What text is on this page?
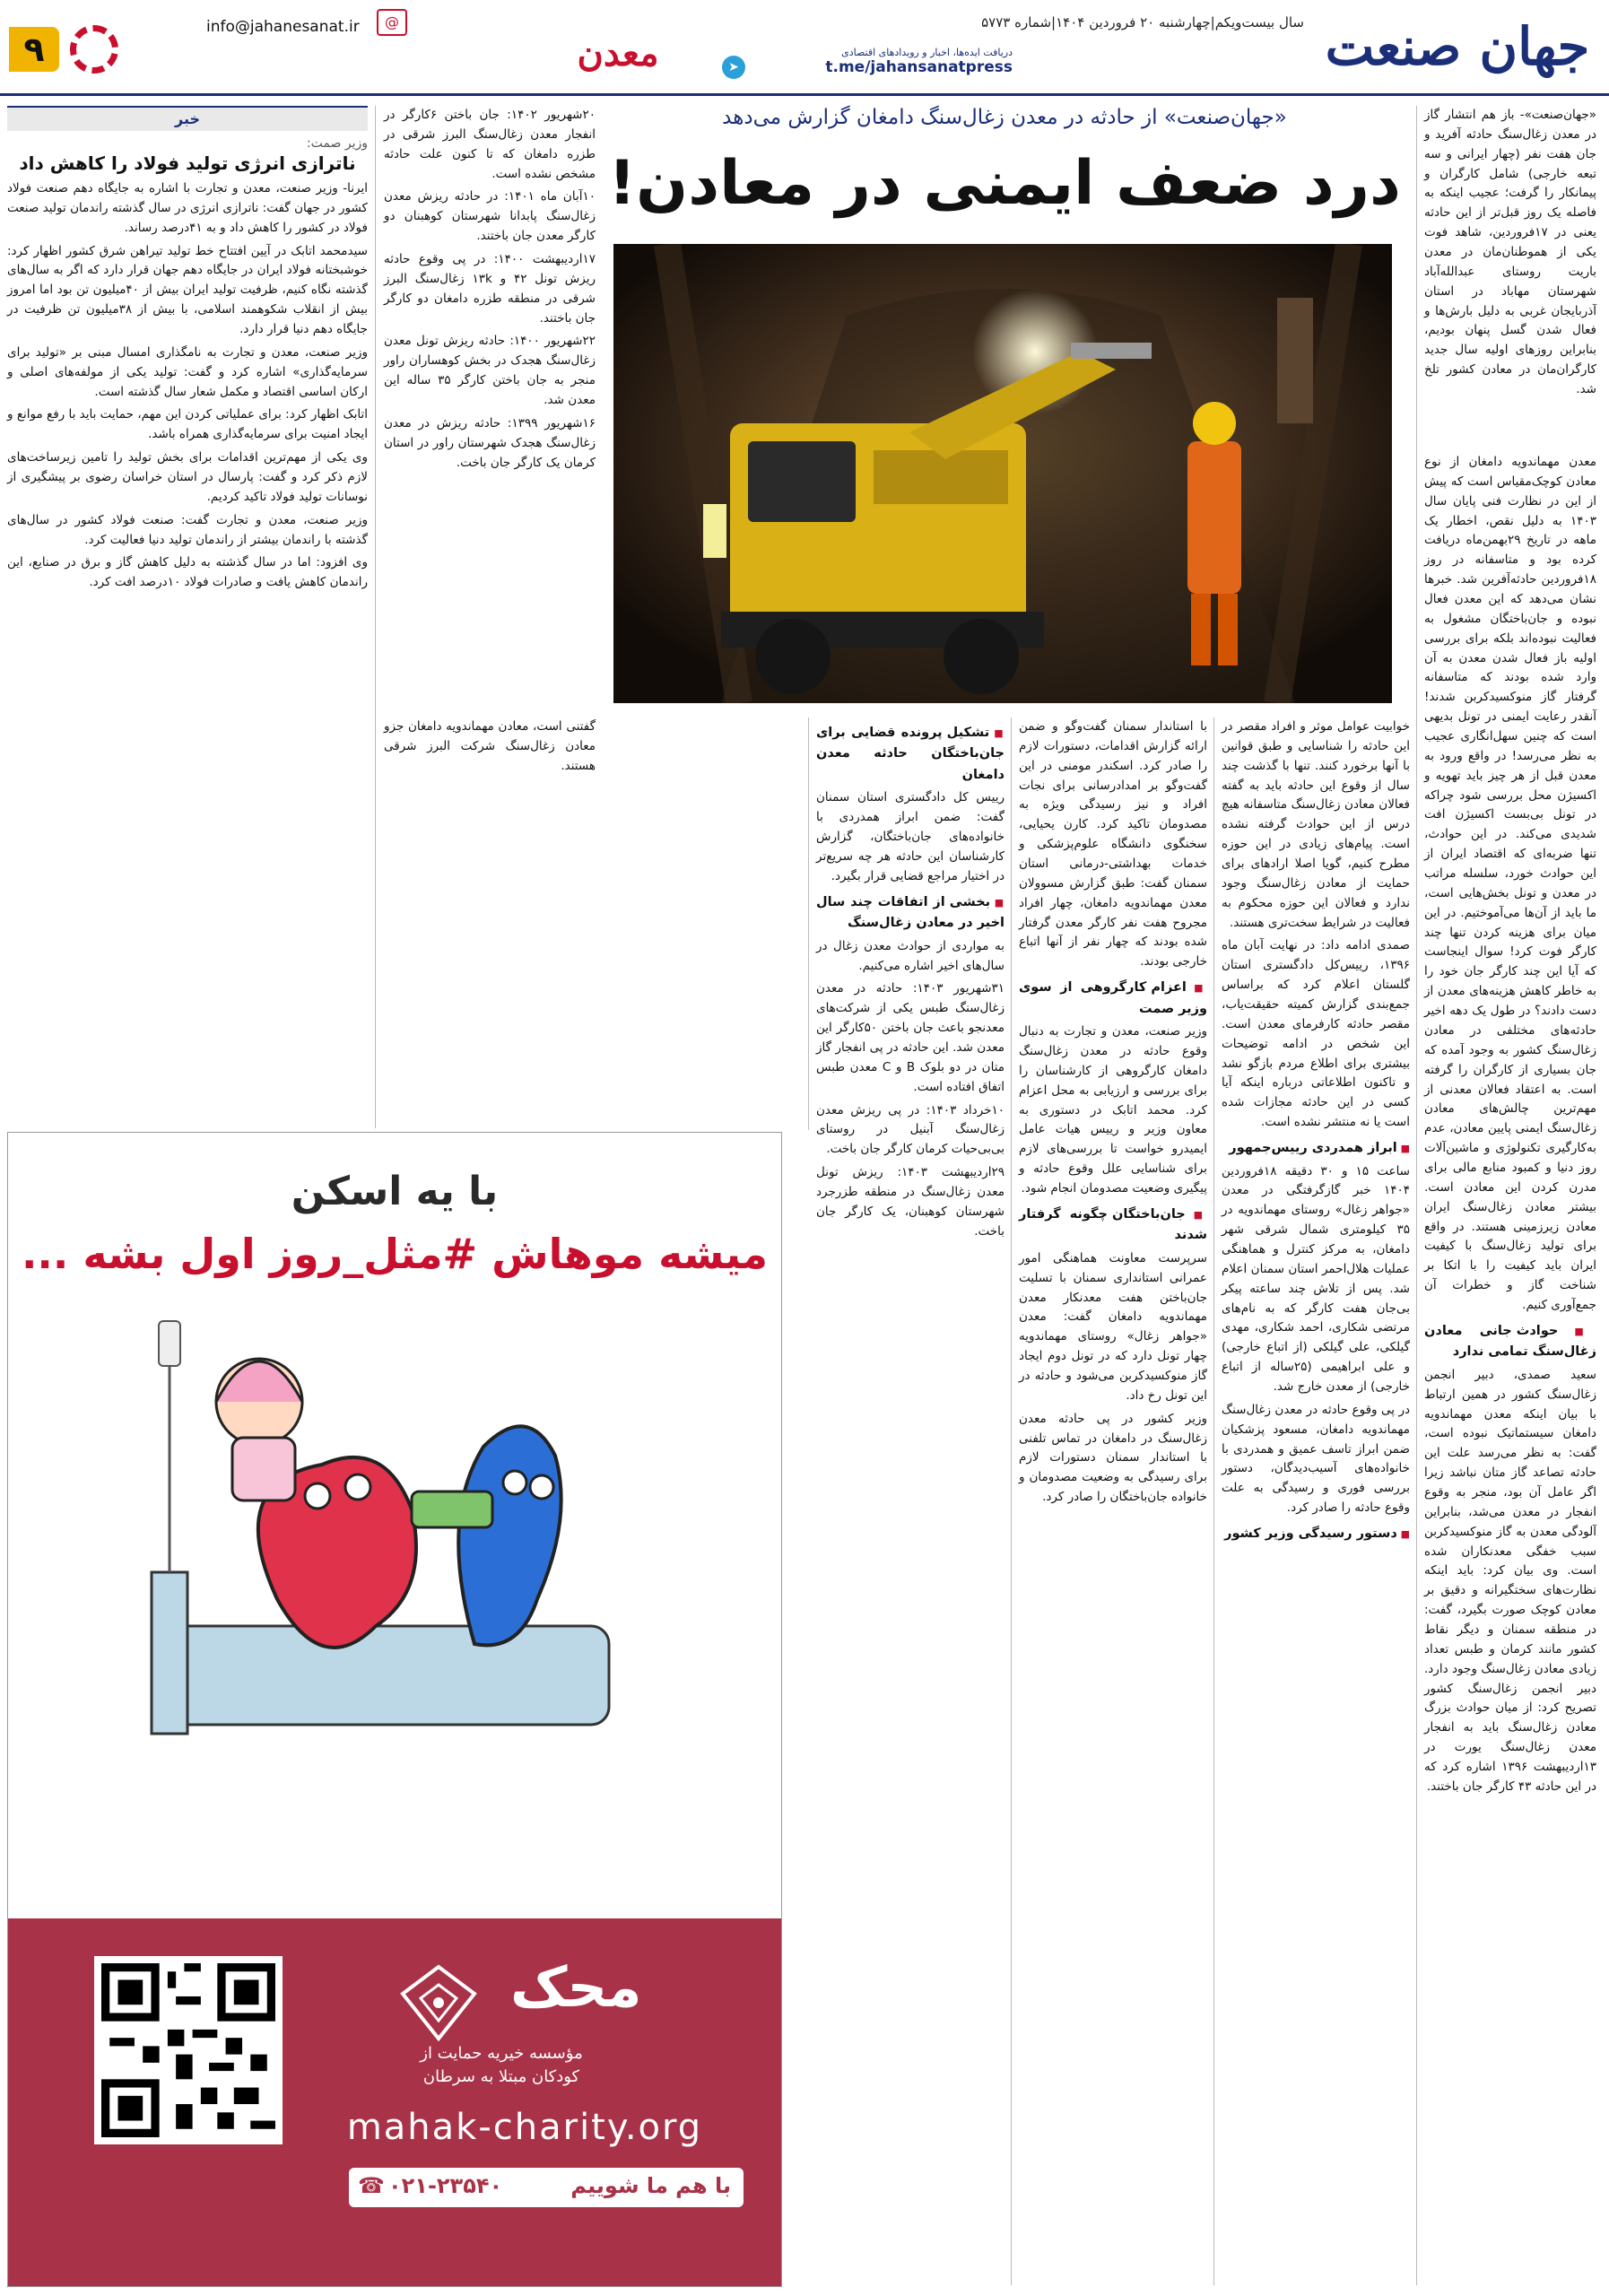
جهان صنعت
سال بیست‌ویکم|چهارشنبه ۲۰ فروردین ۱۴۰۴|شماره ۵۷۷۳
دریافت ایده‌ها، اخبار و رویدادهای اقتصادی
t.me/jahansanatpress
➤
معدن
info@jahanesanat.ir	@
۹
«جهان‌صنعت» از حادثه در معدن زغال‌سنگ دامغان گزارش می‌دهد
درد ضعف ایمنی در معادن!

«جهان‌صنعت»- باز هم انتشار گاز در معدن زغال‌سنگ حادثه آفرید و جان هفت نفر (چهار ایرانی و سه تبعه خارجی) شامل کارگران و پیمانکار را گرفت؛ عجیب اینکه به فاصله یک روز قبل‌تر از این حادثه یعنی در ۱۷فروردین، شاهد فوت یکی از هموطنان‌مان در معدن باریت روستای عبدالله‌آباد شهرستان مهاباد در استان آذربایجان غربی به دلیل بارش‌ها و فعال شدن گسل پنهان بودیم، بنابراین روزهای اولیه سال جدید کارگران‌مان در معادن کشور تلخ شد.

معدن مهماندویه دامغان از نوع معادن کوچک‌مقیاس است که پیش از این در نظارت فنی پایان سال ۱۴۰۳ به دلیل نقص، اخطار یک ماهه در تاریخ ۲۹بهمن‌ماه دریافت کرده بود و متاسفانه در روز ۱۸فروردین حادثه‌آفرین شد. خبرها نشان می‌دهد که این معدن فعال نبوده و جان‌باختگان مشغول به فعالیت نبوده‌اند بلکه برای بررسی اولیه باز فعال شدن معدن به آن وارد شده بودند که متاسفانه گرفتار گاز منوکسیدکربن شدند! آنقدر رعایت ایمنی در تونل بدیهی است که چنین سهل‌انگاری عجیب به نظر می‌رسد! در واقع ورود به معدن قبل از هر چیز باید تهویه و اکسیژن محل بررسی شود چراکه در تونل بی‌بست اکسیژن افت شدیدی می‌کند. در این حوادث، تنها ضربه‌ای که اقتصاد ایران از این حوادث خورد، سلسله مراتب در معدن و تونل بخش‌هایی است، ما باید از آن‌ها می‌آموختیم. در این میان برای هزینه کردن تنها چند کارگر فوت کرد! سوال اینجاست که آیا این چند کارگر جان خود را به خاطر کاهش هزینه‌های معدن از دست دادند؟ در طول یک دهه اخیر حادثه‌های مختلفی در معادن زغال‌سنگ کشور به وجود آمده که جان بسیاری از کارگران را گرفته است. به اعتقاد فعالان معدنی از مهم‌ترین چالش‌های معادن زغال‌سنگ ایمنی پایین معادن، عدم به‌کارگیری تکنولوژی و ماشین‌آلات روز دنیا و کمبود منابع مالی برای مدرن کردن این معادن است. بیشتر معادن زغال‌سنگ ایران معادن زیرزمینی هستند. در واقع برای تولید زغال‌سنگ با کیفیت ایران باید کیفیت را با اتکا بر شناخت گاز و خطرات آن جمع‌آوری کنیم.

■ حوادث جانی معادن زغال‌سنگ تمامی ندارد

سعید صمدی، دبیر انجمن زغال‌سنگ کشور در همین ارتباط با بیان اینکه معدن مهماندویه دامغان سیستماتیک نبوده است، گفت: به نظر می‌رسد علت این حادثه تصاعد گاز متان نباشد زیرا اگر عامل آن بود، منجر به وقوع انفجار در معدن می‌شد، بنابراین آلودگی معدن به گاز منوکسیدکربن سبب خفگی معدنکاران شده است. وی بیان کرد: باید اینکه نظارت‌های سختگیرانه و دقیق بر معادن کوچک صورت بگیرد، گفت: در منطقه سمنان و دیگر نقاط کشور مانند کرمان و طبس تعداد زیادی معادن زغال‌سنگ وجود دارد. دبیر انجمن زغال‌سنگ کشور تصریح کرد: از میان حوادث بزرگ معادن زغال‌سنگ باید به انفجار معدن زغال‌سنگ یورت در ۱۳اردیبهشت ۱۳۹۶ اشاره کرد که در این حادثه ۴۳ کارگر جان باختند.

خوابیت عوامل موثر و افراد مقصر در این حادثه را شناسایی و طبق قوانین با آنها برخورد کنند. تنها با گذشت چند سال از وقوع این حادثه باید به گفته فعالان معادن زغال‌سنگ متاسفانه هیچ درس از این حوادث گرفته نشده است. پیام‌های زیادی در این حوزه مطرح کنیم، گویا اصلا ارادهای برای حمایت از معادن زغال‌سنگ وجود ندارد و فعالان این حوزه محکوم به فعالیت در شرایط سخت‌تری هستند.

صمدی ادامه داد: در نهایت آبان ماه ۱۳۹۶، رییس‌کل دادگستری استان گلستان اعلام کرد که براساس جمع‌بندی گزارش کمیته حقیقت‌یاب، مقصر حادثه کارفرمای معدن است. این شخص در ادامه توضیحات بیشتری برای اطلاع مردم بازگو نشد و تاکنون اطلاعاتی درباره اینکه آیا کسی در این حادثه مجازات شده است یا نه منتشر نشده است.

■ ابراز همدردی رییس‌جمهور

ساعت ۱۵ و ۳۰ دقیقه ۱۸فروردین ۱۴۰۴ خبر گازگرفتگی در معدن «جواهر زغال» روستای مهماندویه در ۳۵ کیلومتری شمال شرقی شهر دامغان، به مرکز کنترل و هماهنگی عملیات هلال‌احمر استان سمنان اعلام شد. پس از تلاش چند ساعته پیکر بی‌جان هفت کارگر که به نام‌های مرتضی شکاری، احمد شکاری، مهدی گیلکی، علی گیلکی (از اتباع خارجی) و علی ابراهیمی (۲۵ساله از اتباع خارجی) از معدن خارج شد.

در پی وقوع حادثه در معدن زغال‌سنگ مهماندویه دامغان، مسعود پزشکیان ضمن ابراز تاسف عمیق و همدردی با خانواده‌های آسیب‌دیدگان، دستور بررسی فوری و رسیدگی به علت وقوع حادثه را صادر کرد.

■ دستور رسیدگی وزیر کشور

با استاندار سمنان گفت‌وگو و ضمن ارائه گزارش اقدامات، دستورات لازم را صادر کرد. اسکندر مومنی در این گفت‌وگو بر امدادرسانی برای نجات افراد و نیز رسیدگی ویژه به مصدومان تاکید کرد. کارن یحیایی، سخنگوی دانشگاه علوم‌پزشکی و خدمات بهداشتی-درمانی استان سمنان گفت: طبق گزارش مسوولان معدن مهماندویه دامغان، چهار افراد مجروح هفت نفر کارگر معدن گرفتار شده بودند که چهار نفر از آنها اتباع خارجی بودند.

■ اعزام کارگروهی از سوی وزیر صمت

وزیر صنعت، معدن و تجارت به دنبال وقوع حادثه در معدن زغال‌سنگ دامغان کارگروهی از کارشناسان را برای بررسی و ارزیابی به محل اعزام کرد. محمد اتابک در دستوری به معاون وزیر و رییس هیات عامل ایمیدرو خواست تا بررسی‌های لازم برای شناسایی علل وقوع حادثه و پیگیری وضعیت مصدومان انجام شود.

■ جان‌باختگان چگونه گرفتار شدند

سرپرست معاونت هماهنگی امور عمرانی استانداری سمنان با تسلیت جان‌باختن هفت معدنکار معدن مهماندویه دامغان گفت: معدن «جواهر زغال» روستای مهماندویه چهار تونل دارد که در تونل دوم ایجاد گاز منوکسیدکربن می‌شود و حادثه در این تونل رخ داد.

وزیر کشور در پی حادثه معدن زغال‌سنگ در دامغان در تماس تلفنی با استاندار سمنان دستورات لازم برای رسیدگی به وضعیت مصدومان و خانواده جان‌باختگان را صادر کرد.

■ تشکیل پرونده قضایی برای جان‌باختگان حادثه معدن دامغان

رییس کل دادگستری استان سمنان گفت: ضمن ابراز همدردی با خانواده‌های جان‌باختگان، گزارش کارشناسان این حادثه هر چه سریع‌تر در اختیار مراجع قضایی قرار بگیرد.

■ بخشی از اتفاقات چند سال اخیر در معادن زغال‌سنگ

به مواردی از حوادث معدن زغال در سال‌های اخیر اشاره می‌کنیم.

۳۱شهریور ۱۴۰۳: حادثه در معدن زغال‌سنگ طبس یکی از شرکت‌های معدنجو باعث جان باختن ۵۰کارگر این معدن شد. این حادثه در پی انفجار گاز متان در دو بلوک B و C معدن طبس اتفاق افتاده است.

۱۰خرداد ۱۴۰۳: در پی ریزش معدن زغال‌سنگ آبنیل در روستای بی‌بی‌حیات کرمان کارگر جان باخت.

۲۹اردیبهشت ۱۴۰۳: ریزش تونل معدن زغال‌سنگ در منطقه طزرجرد شهرستان کوهبنان، یک کارگر جان باخت.

۲۰شهریور ۱۴۰۲: جان باختن ۶کارگر در انفجار معدن زغال‌سنگ البرز شرقی در طزره دامغان که تا کنون علت حادثه مشخص نشده است.

۱۰آبان ماه ۱۴۰۱: در حادثه ریزش معدن زغال‌سنگ پابدانا شهرستان کوهبنان دو کارگر معدن جان باختند.

۱۷اردیبهشت ۱۴۰۰: در پی وقوع حادثه ریزش تونل ۴۲ و ۱۳k زغال‌سنگ البرز شرقی در منطقه طزره دامغان دو کارگر جان باختند.

۲۲شهریور ۱۴۰۰: حادثه ریزش تونل معدن زغال‌سنگ هجدک در بخش کوهساران راور منجر به جان باختن کارگر ۳۵ ساله این معدن شد.

۱۶شهریور ۱۳۹۹: حادثه ریزش در معدن زغال‌سنگ هجدک شهرستان راور در استان کرمان یک کارگر جان باخت.

گفتنی است، معادن مهماندویه دامغان جزو معادن زغال‌سنگ شرکت البرز شرقی هستند.

خبر
وزیر صمت:
ناترازی انرژی تولید فولاد را کاهش داد

ایرنا- وزیر صنعت، معدن و تجارت با اشاره به جایگاه دهم صنعت فولاد کشور در جهان گفت: ناترازی انرژی در سال گذشته راندمان تولید صنعت فولاد در کشور را کاهش داد و به ۴۱درصد رساند.

سیدمحمد اتابک در آیین افتتاح خط تولید تیراهن شرق کشور اظهار کرد: خوشبختانه فولاد ایران در جایگاه دهم جهان قرار دارد که اگر به سال‌های گذشته نگاه کنیم، ظرفیت تولید ایران بیش از ۴۰میلیون تن بود اما امروز بیش از انقلاب شکوهمند اسلامی، با بیش از ۳۸میلیون تن ظرفیت در جایگاه دهم دنیا قرار دارد.

وزیر صنعت، معدن و تجارت به نامگذاری امسال مبنی بر «تولید برای سرمایه‌گذاری» اشاره کرد و گفت: تولید یکی از مولفه‌های اصلی و ارکان اساسی اقتصاد و مکمل شعار سال گذشته است.

اتابک اظهار کرد: برای عملیاتی کردن این مهم، حمایت باید با رفع موانع و ایجاد امنیت برای سرمایه‌گذاری همراه باشد.

وی یکی از مهم‌ترین اقدامات برای بخش تولید را تامین زیرساخت‌های لازم ذکر کرد و گفت: پارسال در استان خراسان رضوی بر پیشگیری از نوسانات تولید فولاد تاکید کردیم.

وزیر صنعت، معدن و تجارت گفت: صنعت فولاد کشور در سال‌های گذشته با راندمان بیشتر از راندمان تولید دنیا فعالیت کرد.

وی افزود: اما در سال گذشته به دلیل کاهش گاز و برق در صنایع، این راندمان کاهش یافت و صادرات فولاد ۱۰درصد افت کرد.

با یه اسکن
میشه موهاش #مثل_روز اول بشه ...
محک
مؤسسه خیریه حمایت از
کودکان مبتلا به سرطان
mahak-charity.org
با هم ما شوییم
۰۲۱-۲۳۵۴۰
☎
